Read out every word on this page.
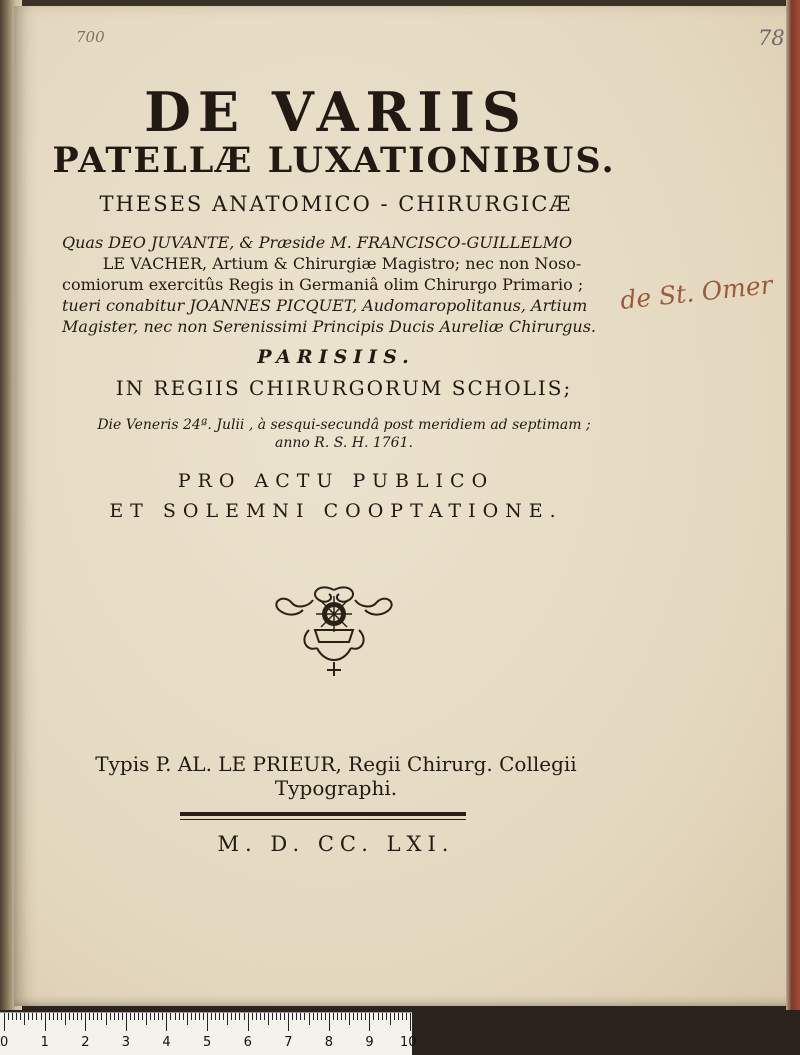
700	78
DE VARIIS
PATELLÆ LUXATIONIBUS.
THESES ANATOMICO - CHIRURGICÆ
Quas DEO JUVANTE, & Præside M. FRANCISCO-GUILLELMO
LE VACHER, Artium & Chirurgiæ Magistro; nec non Noso-
comiorum exercitûs Regis in Germaniâ olim Chirurgo Primario ;
tueri conabitur JOANNES PICQUET, Audomaropolitanus, Artium
Magister, nec non Serenissimi Principis Ducis Aureliæ Chirurgus.
PARISIIS.
IN REGIIS CHIRURGORUM SCHOLIS;
Die Veneris 24ª. Julii , à sesqui-secundâ post meridiem ad septimam ;
anno R. S. H. 1761.
PRO ACTU PUBLICO
ET SOLEMNI COOPTATIONE.
Typis P. AL. LE PRIEUR, Regii Chirurg. Collegii
Typographi.
M. D. CC. LXI.
de St. Omer
0 1 2 3 4 5 6 7 8 9 10
